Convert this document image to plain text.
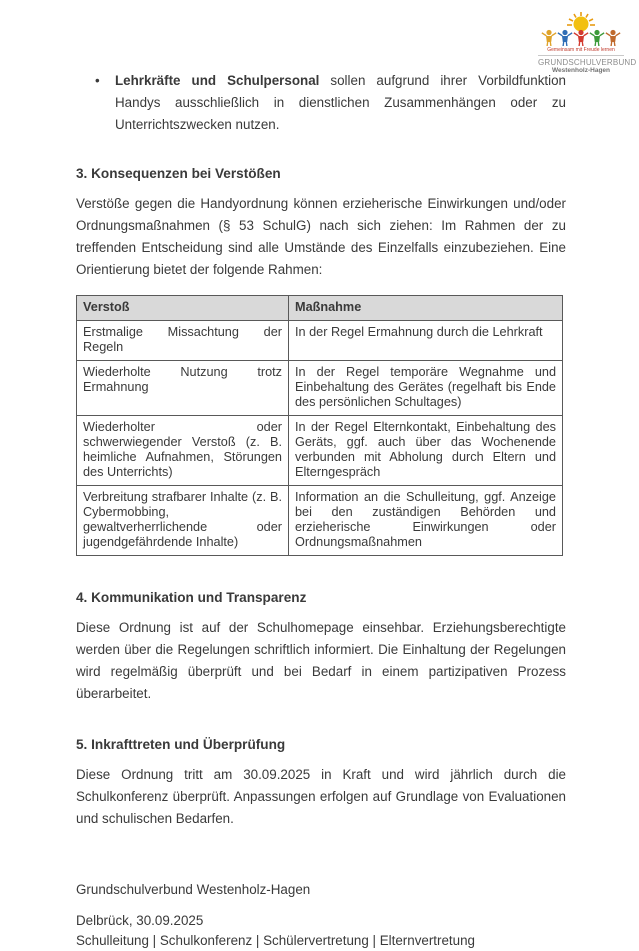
Gemeinsam mit Freude lernen
GRUNDSCHULVERBUND
Westenholz-Hagen
•	Lehrkräfte und Schulpersonal sollen aufgrund ihrer Vorbildfunktion Handys ausschließlich in dienstlichen Zusammenhängen oder zu Unterrichtszwecken nutzen.
3. Konsequenzen bei Verstößen

Verstöße gegen die Handyordnung können erzieherische Einwirkungen und/oder Ordnungsmaßnahmen (§ 53 SchulG) nach sich ziehen: Im Rahmen der zu treffenden Entscheidung sind alle Umstände des Einzelfalls einzubeziehen. Eine Orientierung bietet der folgende Rahmen:

Verstoß	Maßnahme
Erstmalige Missachtung der Regeln	In der Regel Ermahnung durch die Lehrkraft
Wiederholte Nutzung trotz Ermahnung	In der Regel temporäre Wegnahme und Einbehaltung des Gerätes (regelhaft bis Ende des persönlichen Schultages)
Wiederholter oder schwerwiegender Verstoß (z. B. heimliche Aufnahmen, Störungen des Unterrichts)	In der Regel Elternkontakt, Einbehaltung des Geräts, ggf. auch über das Wochenende verbunden mit Abholung durch Eltern und Elterngespräch
Verbreitung strafbarer Inhalte (z. B. Cybermobbing, gewaltverherrlichende oder jugendgefährdende Inhalte)	Information an die Schulleitung, ggf. Anzeige bei den zuständigen Behörden und erzieherische Einwirkungen oder Ordnungsmaßnahmen
4. Kommunikation und Transparenz

Diese Ordnung ist auf der Schulhomepage einsehbar. Erziehungsberechtigte werden über die Regelungen schriftlich informiert. Die Einhaltung der Regelungen wird regelmäßig überprüft und bei Bedarf in einem partizipativen Prozess überarbeitet.

5. Inkrafttreten und Überprüfung

Diese Ordnung tritt am 30.09.2025 in Kraft und wird jährlich durch die Schulkonferenz überprüft. Anpassungen erfolgen auf Grundlage von Evaluationen und schulischen Bedarfen.

Grundschulverbund Westenholz-Hagen
Delbrück, 30.09.2025
Schulleitung | Schulkonferenz | Schülervertretung | Elternvertretung
